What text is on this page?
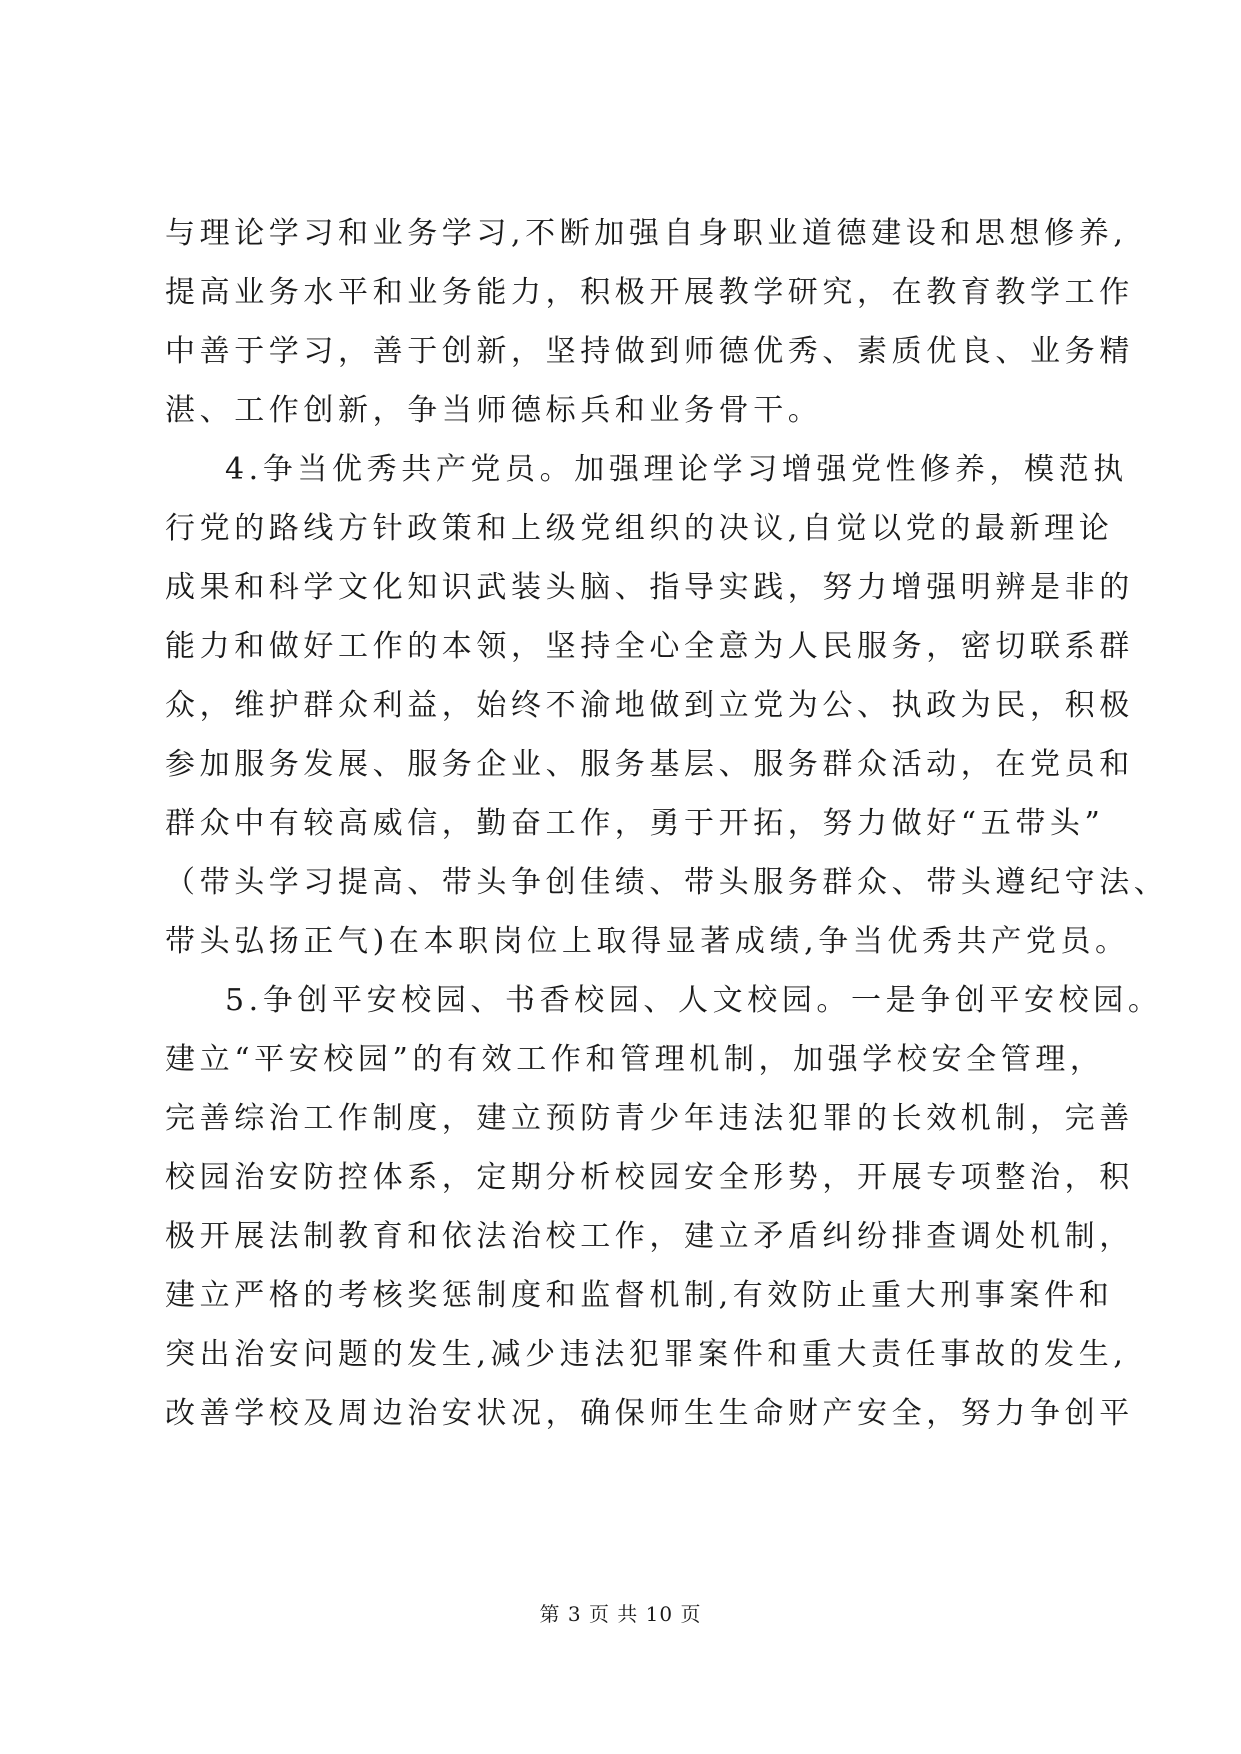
与理论学习和业务学习,不断加强自身职业道德建设和思想修养,
提高业务水平和业务能力，积极开展教学研究，在教育教学工作
中善于学习，善于创新，坚持做到师德优秀、素质优良、业务精
湛、工作创新，争当师德标兵和业务骨干。
4.争当优秀共产党员。加强理论学习增强党性修养，模范执
行党的路线方针政策和上级党组织的决议,自觉以党的最新理论
成果和科学文化知识武装头脑、指导实践，努力增强明辨是非的
能力和做好工作的本领，坚持全心全意为人民服务，密切联系群
众，维护群众利益，始终不渝地做到立党为公、执政为民，积极
参加服务发展、服务企业、服务基层、服务群众活动，在党员和
群众中有较高威信，勤奋工作，勇于开拓，努力做好“五带头”
（带头学习提高、带头争创佳绩、带头服务群众、带头遵纪守法、
带头弘扬正气)在本职岗位上取得显著成绩,争当优秀共产党员。
5.争创平安校园、书香校园、人文校园。一是争创平安校园。
建立“平安校园”的有效工作和管理机制，加强学校安全管理，
完善综治工作制度，建立预防青少年违法犯罪的长效机制，完善
校园治安防控体系，定期分析校园安全形势，开展专项整治，积
极开展法制教育和依法治校工作，建立矛盾纠纷排查调处机制，
建立严格的考核奖惩制度和监督机制,有效防止重大刑事案件和
突出治安问题的发生,减少违法犯罪案件和重大责任事故的发生,
改善学校及周边治安状况，确保师生生命财产安全，努力争创平
第 3 页 共 10 页
